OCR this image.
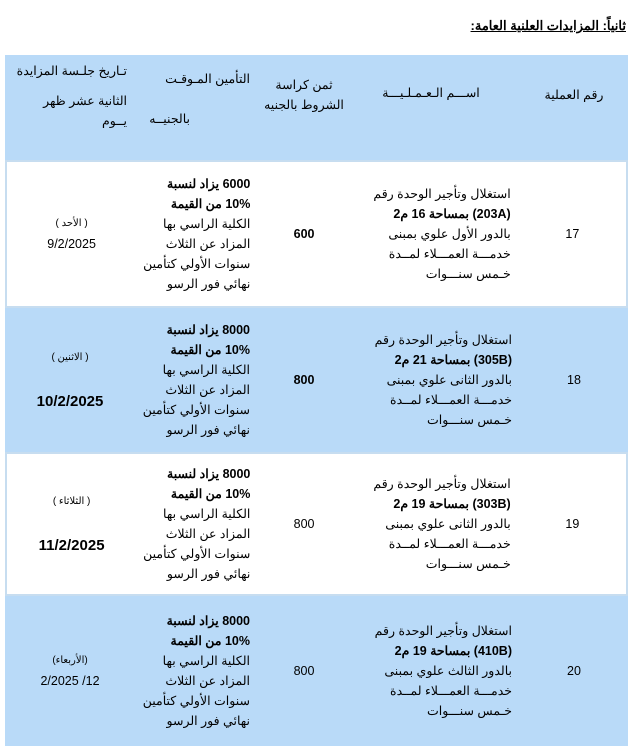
ثانياً: المزايدات العلنية العامة:
رقم العملية
اســـم الـعـمـلـيـــة
ثمن كراسة
الشروط بالجنيه
التأمين المـوقـت
بالجنيــه
تـاريخ جلـسة المزايدة
الثانية عشر ظهر
يــوم
17
استغلال وتأجير الوحدة رقم
(203A) بمساحة 16 م2
بالدور الأول علوي بمبنى
خدمـــة العمـــلاء لمــدة
خـمس سنـــوات
600
6000 يزاد لنسبة
10% من القيمة
الكلية الراسي بها
المزاد عن الثلاث
سنوات الأولي كتأمين
نهائي فور الرسو
( الأحد )
9/2/2025
18
استغلال وتأجير الوحدة رقم
(305B) بمساحة 21 م2
بالدور الثانى علوي بمبنى
خدمـــة العمـــلاء لمــدة
خـمس سنـــوات
800
8000 يزاد لنسبة
10% من القيمة
الكلية الراسي بها
المزاد عن الثلاث
سنوات الأولي كتأمين
نهائي فور الرسو
( الاثنين )
10/2/2025
19
استغلال وتأجير الوحدة رقم
(303B) بمساحة 19 م2
بالدور الثانى علوي بمبنى
خدمـــة العمـــلاء لمــدة
خـمس سنـــوات
800
8000 يزاد لنسبة
10% من القيمة
الكلية الراسي بها
المزاد عن الثلاث
سنوات الأولي كتأمين
نهائي فور الرسو
( الثلاثاء )
11/2/2025
20
استغلال وتأجير الوحدة رقم
(410B) بمساحة 19 م2
بالدور الثالث علوي بمبنى
خدمـــة العمـــلاء لمــدة
خـمس سنـــوات
800
8000 يزاد لنسبة
10% من القيمة
الكلية الراسي بها
المزاد عن الثلاث
سنوات الأولي كتأمين
نهائي فور الرسو
(الأربعاء)
12/ 2/2025
